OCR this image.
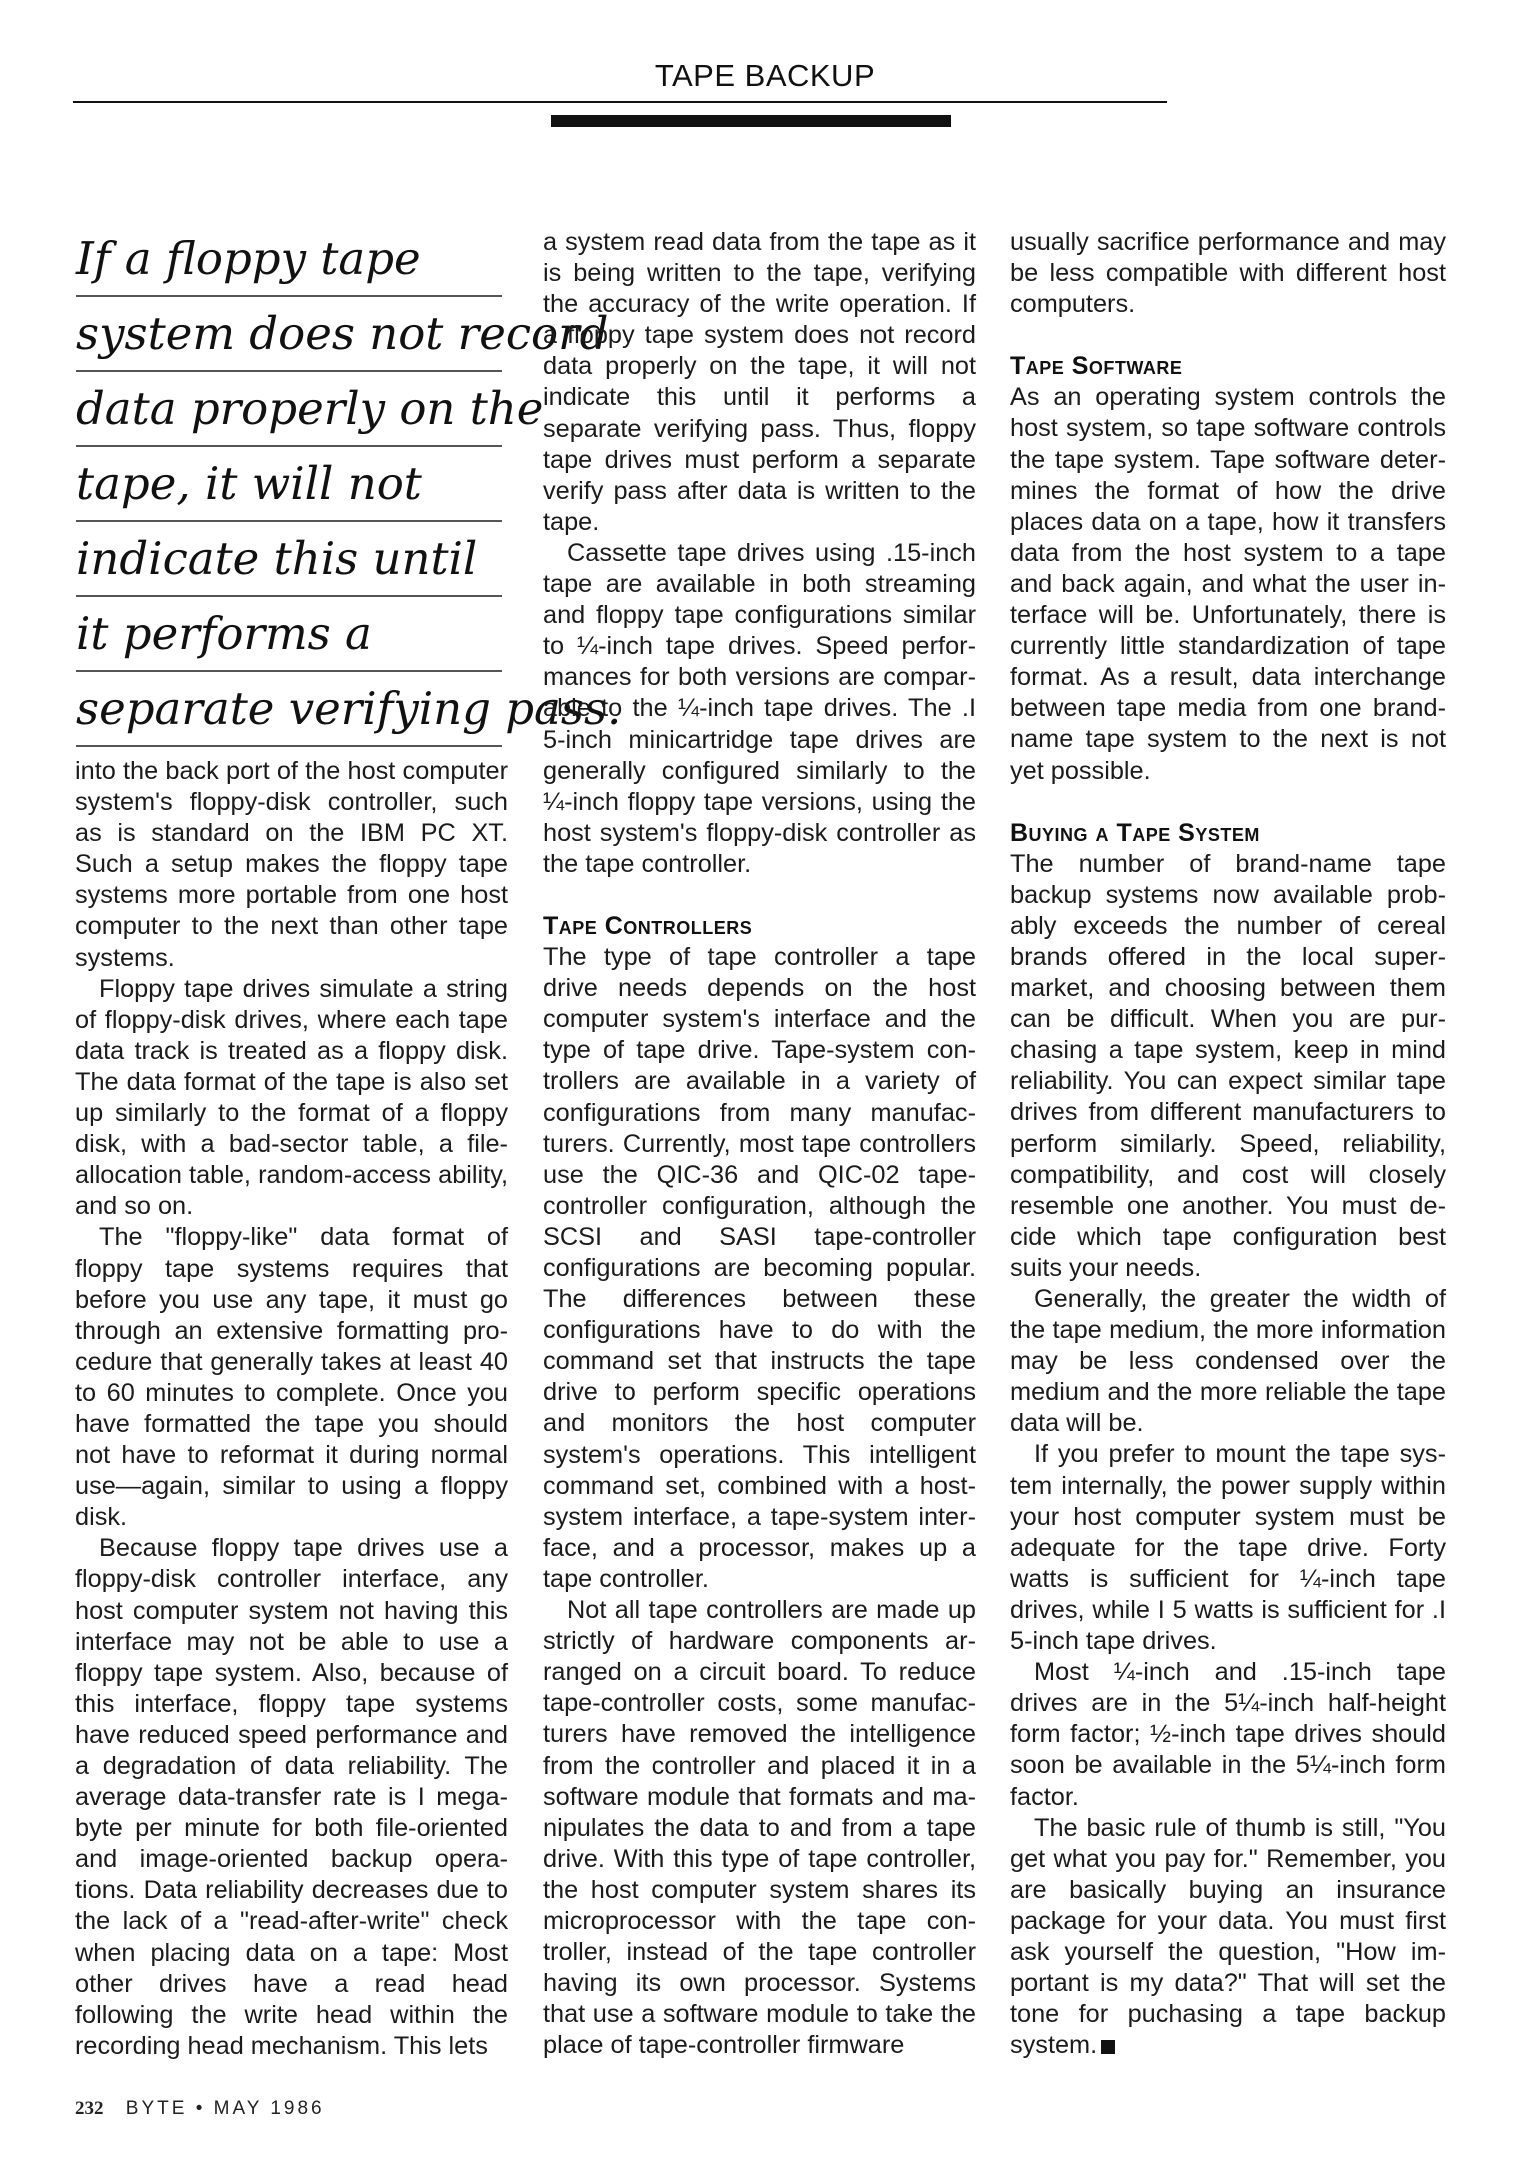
TAPE BACKUP
If a floppy tape
system does not record
data properly on the
tape, it will not
indicate this until
it performs a
separate verifying pass.

into the back port of the host computer system's floppy-disk controller, such as is standard on the IBM PC XT. Such a setup makes the floppy tape systems more portable from one host computer to the next than other tape systems.

Floppy tape drives simulate a string of floppy-disk drives, where each tape data track is treated as a floppy disk. The data format of the tape is also set up similarly to the format of a floppy disk, with a bad-sector table, a file-allocation table, random-access ability, and so on.

The "floppy-like" data format of floppy tape systems requires that before you use any tape, it must go through an extensive formatting procedure that generally takes at least 40 to 60 minutes to complete. Once you have formatted the tape you should not have to reformat it during normal use—again, similar to using a floppy disk.

Because floppy tape drives use a floppy-disk controller interface, any host computer system not having this interface may not be able to use a floppy tape system. Also, because of this interface, floppy tape systems have reduced speed performance and a degradation of data reliability. The average data-transfer rate is I megabyte per minute for both file-oriented and image-oriented backup operations. Data reliability decreases due to the lack of a "read-after-write" check when placing data on a tape: Most other drives have a read head following the write head within the recording head mechanism. This lets

a system read data from the tape as it is being written to the tape, verifying the accuracy of the write operation. If a floppy tape system does not record data properly on the tape, it will not indicate this until it performs a separate verifying pass. Thus, floppy tape drives must perform a separate verify pass after data is written to the tape.

Cassette tape drives using .15-inch tape are available in both streaming and floppy tape configurations similar to ¼-inch tape drives. Speed performances for both versions are comparable to the ¼-inch tape drives. The .I 5-inch minicartridge tape drives are generally configured similarly to the ¼-inch floppy tape versions, using the host system's floppy-disk controller as the tape controller.

Tape Controllers

The type of tape controller a tape drive needs depends on the host computer system's interface and the type of tape drive. Tape-system controllers are available in a variety of configurations from many manufacturers. Currently, most tape controllers use the QIC-36 and QIC-02 tape-controller configuration, although the SCSI and SASI tape-controller configurations are becoming popular. The differences between these configurations have to do with the command set that instructs the tape drive to perform specific operations and monitors the host computer system's operations. This intelligent command set, combined with a host-system interface, a tape-system interface, and a processor, makes up a tape controller.

Not all tape controllers are made up strictly of hardware components arranged on a circuit board. To reduce tape-controller costs, some manufacturers have removed the intelligence from the controller and placed it in a software module that formats and manipulates the data to and from a tape drive. With this type of tape controller, the host computer system shares its microprocessor with the tape controller, instead of the tape controller having its own processor. Systems that use a software module to take the place of tape-controller firmware

usually sacrifice performance and may be less compatible with different host computers.

Tape Software

As an operating system controls the host system, so tape software controls the tape system. Tape software determines the format of how the drive places data on a tape, how it transfers data from the host system to a tape and back again, and what the user interface will be. Unfortunately, there is currently little standardization of tape format. As a result, data interchange between tape media from one brand-name tape system to the next is not yet possible.

Buying a Tape System

The number of brand-name tape backup systems now available probably exceeds the number of cereal brands offered in the local supermarket, and choosing between them can be difficult. When you are purchasing a tape system, keep in mind reliability. You can expect similar tape drives from different manufacturers to perform similarly. Speed, reliability, compatibility, and cost will closely resemble one another. You must decide which tape configuration best suits your needs.

Generally, the greater the width of the tape medium, the more information may be less condensed over the medium and the more reliable the tape data will be.

If you prefer to mount the tape system internally, the power supply within your host computer system must be adequate for the tape drive. Forty watts is sufficient for ¼-inch tape drives, while I 5 watts is sufficient for .I 5-inch tape drives.

Most ¼-inch and .15-inch tape drives are in the 5¼-inch half-height form factor; ½-inch tape drives should soon be available in the 5¼-inch form factor.

The basic rule of thumb is still, "You get what you pay for." Remember, you are basically buying an insurance package for your data. You must first ask yourself the question, "How important is my data?" That will set the tone for puchasing a tape backup system.

232 BYTE • MAY 1986
